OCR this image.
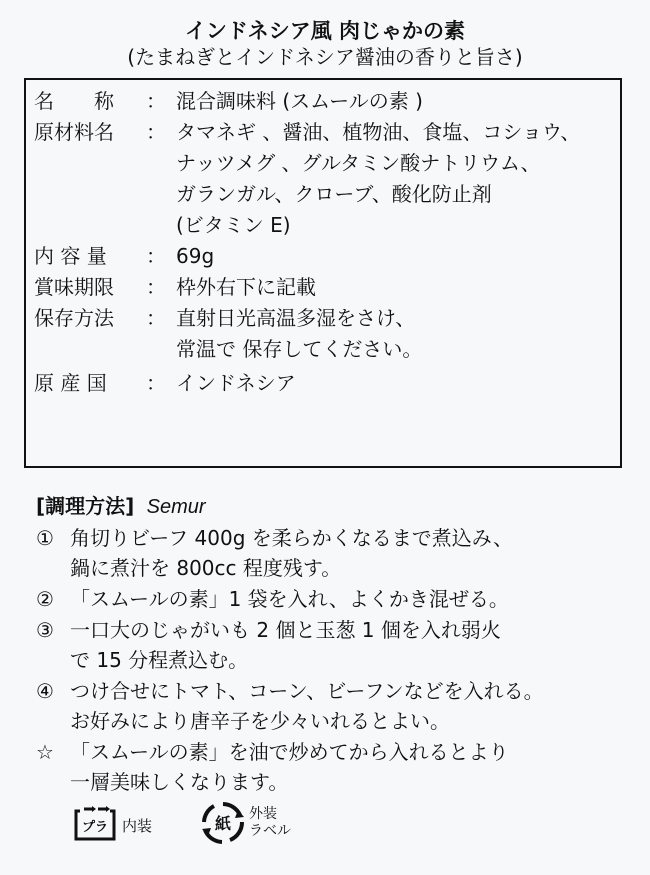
インドネシア風 肉じゃかの素
(たまねぎとインドネシア醤油の香りと旨さ)
名　　称	： 混合調味料 (スムールの素 )
原材料名	： タマネギ 、醤油、植物油、食塩、コショウ、
ナッツメグ 、グルタミン酸ナトリウム、
ガランガル、クローブ、酸化防止剤
(ビタミン E)
内 容 量	： 69g
賞味期限	： 枠外右下に記載
保存方法	： 直射日光高温多湿をさけ、
常温で 保存してください。
原 産 国	： インドネシア
[調理方法] Semur
① 角切りビーフ 400g を柔らかくなるまで煮込み、
鍋に煮汁を 800cc 程度残す。
② 「スムールの素」1 袋を入れ、よくかき混ぜる。
③ 一口大のじゃがいも 2 個と玉葱 1 個を入れ弱火
で 15 分程煮込む。
④ つけ合せにトマト、コーン、ビーフンなどを入れる。
お好みにより唐辛子を少々いれるとよい。
☆ 「スムールの素」を油で炒めてから入れるとより
一層美味しくなります。
プラ 内装	紙 外装
ラベル
